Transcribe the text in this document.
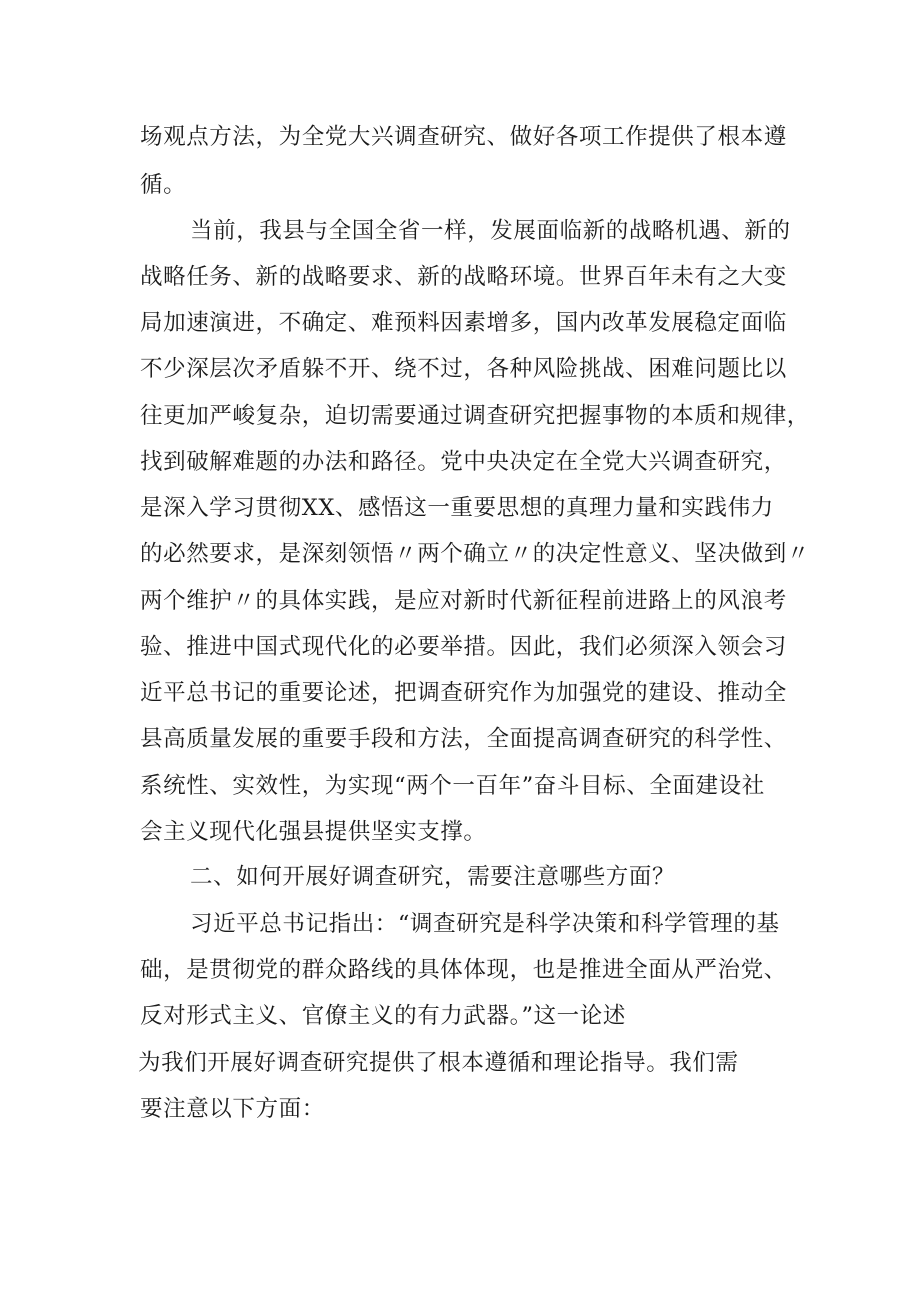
场观点方法，为全党大兴调查研究、做好各项工作提供了根本遵
循。
当前，我县与全国全省一样，发展面临新的战略机遇、新的
战略任务、新的战略要求、新的战略环境。世界百年未有之大变
局加速演进，不确定、难预料因素增多，国内改革发展稳定面临
不少深层次矛盾躲不开、绕不过，各种风险挑战、困难问题比以
往更加严峻复杂，迫切需要通过调查研究把握事物的本质和规律，
找到破解难题的办法和路径。党中央决定在全党大兴调查研究，
是深入学习贯彻XX、感悟这一重要思想的真理力量和实践伟力
的必然要求，是深刻领悟〃两个确立〃的决定性意义、坚决做到〃
两个维护〃的具体实践，是应对新时代新征程前进路上的风浪考
验、推进中国式现代化的必要举措。因此，我们必须深入领会习
近平总书记的重要论述，把调查研究作为加强党的建设、推动全
县高质量发展的重要手段和方法，全面提高调查研究的科学性、
系统性、实效性，为实现“两个一百年”奋斗目标、全面建设社
会主义现代化强县提供坚实支撑。
二、如何开展好调查研究，需要注意哪些方面？
习近平总书记指出：“调查研究是科学决策和科学管理的基
础，是贯彻党的群众路线的具体体现，也是推进全面从严治党、
反对形式主义、官僚主义的有力武器。”这一论述
为我们开展好调查研究提供了根本遵循和理论指导。我们需
要注意以下方面：
